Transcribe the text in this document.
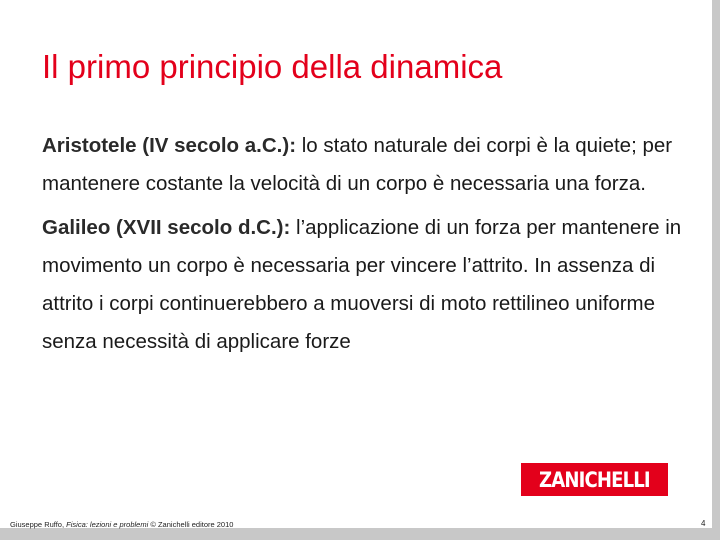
Il primo principio della dinamica

Aristotele (IV secolo a.C.): lo stato naturale dei corpi è la quiete; per mantenere costante la velocità di un corpo è necessaria una forza.

Galileo (XVII secolo d.C.): l’applicazione di un forza per mantenere in movimento un corpo è necessaria per vincere l’attrito. In assenza di attrito i corpi continuerebbero a muoversi di moto rettilineo uniforme senza necessità di applicare forze

ZANICHELLI
Giuseppe Ruffo, Fisica: lezioni e problemi © Zanichelli editore 2010	4
